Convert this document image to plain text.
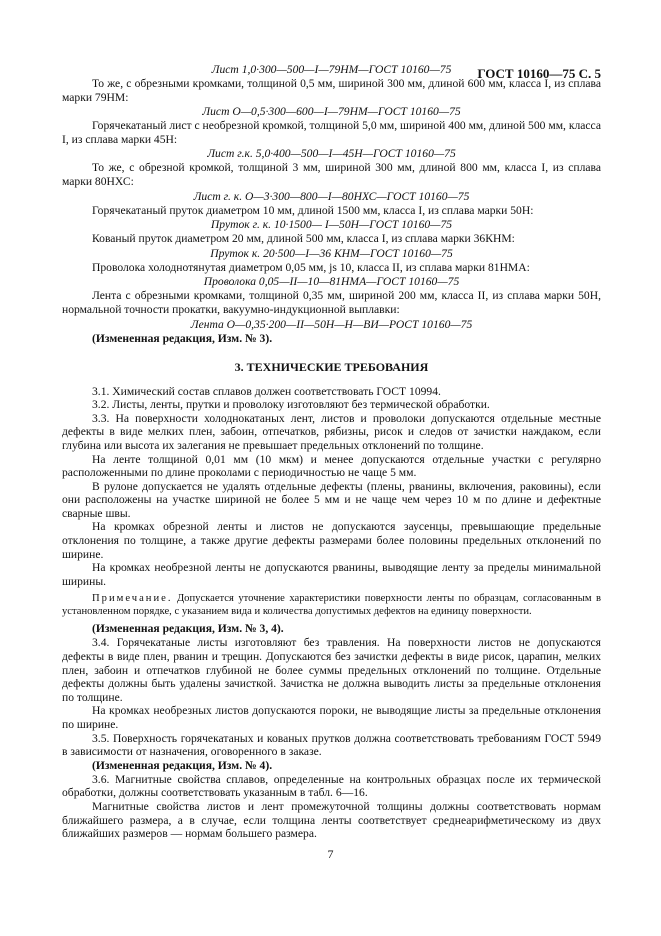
ГОСТ 10160—75 С. 5
Лист 1,0·300—500—I—79НМ—ГОСТ 10160—75
То же, с обрезными кромками, толщиной 0,5 мм, шириной 300 мм, длиной 600 мм, класса I, из сплава марки 79НМ:
Лист О—0,5·300—600—I—79НМ—ГОСТ 10160—75
Горячекатаный лист с необрезной кромкой, толщиной 5,0 мм, шириной 400 мм, длиной 500 мм, класса I, из сплава марки 45Н:
Лист г.к. 5,0·400—500—I—45Н—ГОСТ 10160—75
То же, с обрезной кромкой, толщиной 3 мм, шириной 300 мм, длиной 800 мм, класса I, из сплава марки 80НХС:
Лист г. к. О—3·300—800—I—80НХС—ГОСТ 10160—75
Горячекатаный пруток диаметром 10 мм, длиной 1500 мм, класса I, из сплава марки 50Н:
Пруток г. к. 10·1500— I—50Н—ГОСТ 10160—75
Кованый пруток диаметром 20 мм, длиной 500 мм, класса I, из сплава марки 36КНМ:
Пруток к. 20·500—I—36 КНМ—ГОСТ 10160—75
Проволока холоднотянутая диаметром 0,05 мм, js 10, класса II, из сплава марки 81НМА:
Проволока 0,05—II—10—81НМА—ГОСТ 10160—75
Лента с обрезными кромками, толщиной 0,35 мм, шириной 200 мм, класса II, из сплава марки 50Н, нормальной точности прокатки, вакуумно-индукционной выплавки:
Лента О—0,35·200—II—50Н—Н—ВИ—РОСТ 10160—75
(Измененная редакция, Изм. № 3).
3. ТЕХНИЧЕСКИЕ ТРЕБОВАНИЯ
3.1. Химический состав сплавов должен соответствовать ГОСТ 10994.
3.2. Листы, ленты, прутки и проволоку изготовляют без термической обработки.
3.3. На поверхности холоднокатаных лент, листов и проволоки допускаются отдельные местные дефекты в виде мелких плен, забоин, отпечатков, рябизны, рисок и следов от зачистки наждаком, если глубина или высота их залегания не превышает предельных отклонений по толщине.
На ленте толщиной 0,01 мм (10 мкм) и менее допускаются отдельные участки с регулярно расположенными по длине проколами с периодичностью не чаще 5 мм.
В рулоне допускается не удалять отдельные дефекты (плены, рванины, включения, раковины), если они расположены на участке шириной не более 5 мм и не чаще чем через 10 м по длине и дефектные сварные швы.
На кромках обрезной ленты и листов не допускаются заусенцы, превышающие предельные отклонения по толщине, а также другие дефекты размерами более половины предельных отклонений по ширине.
На кромках необрезной ленты не допускаются рванины, выводящие ленту за пределы минимальной ширины.
Примечание. Допускается уточнение характеристики поверхности ленты по образцам, согласованным в установленном порядке, с указанием вида и количества допустимых дефектов на единицу поверхности.
(Измененная редакция, Изм. № 3, 4).
3.4. Горячекатаные листы изготовляют без травления. На поверхности листов не допускаются дефекты в виде плен, рванин и трещин. Допускаются без зачистки дефекты в виде рисок, царапин, мелких плен, забоин и отпечатков глубиной не более суммы предельных отклонений по толщине. Отдельные дефекты должны быть удалены зачисткой. Зачистка не должна выводить листы за предельные отклонения по толщине.
На кромках необрезных листов допускаются пороки, не выводящие листы за предельные отклонения по ширине.
3.5. Поверхность горячекатаных и кованых прутков должна соответствовать требованиям ГОСТ 5949 в зависимости от назначения, оговоренного в заказе.
(Измененная редакция, Изм. № 4).
3.6. Магнитные свойства сплавов, определенные на контрольных образцах после их термической обработки, должны соответствовать указанным в табл. 6—16.
Магнитные свойства листов и лент промежуточной толщины должны соответствовать нормам ближайшего размера, а в случае, если толщина ленты соответствует среднеарифметическому из двух ближайших размеров — нормам большего размера.
7
